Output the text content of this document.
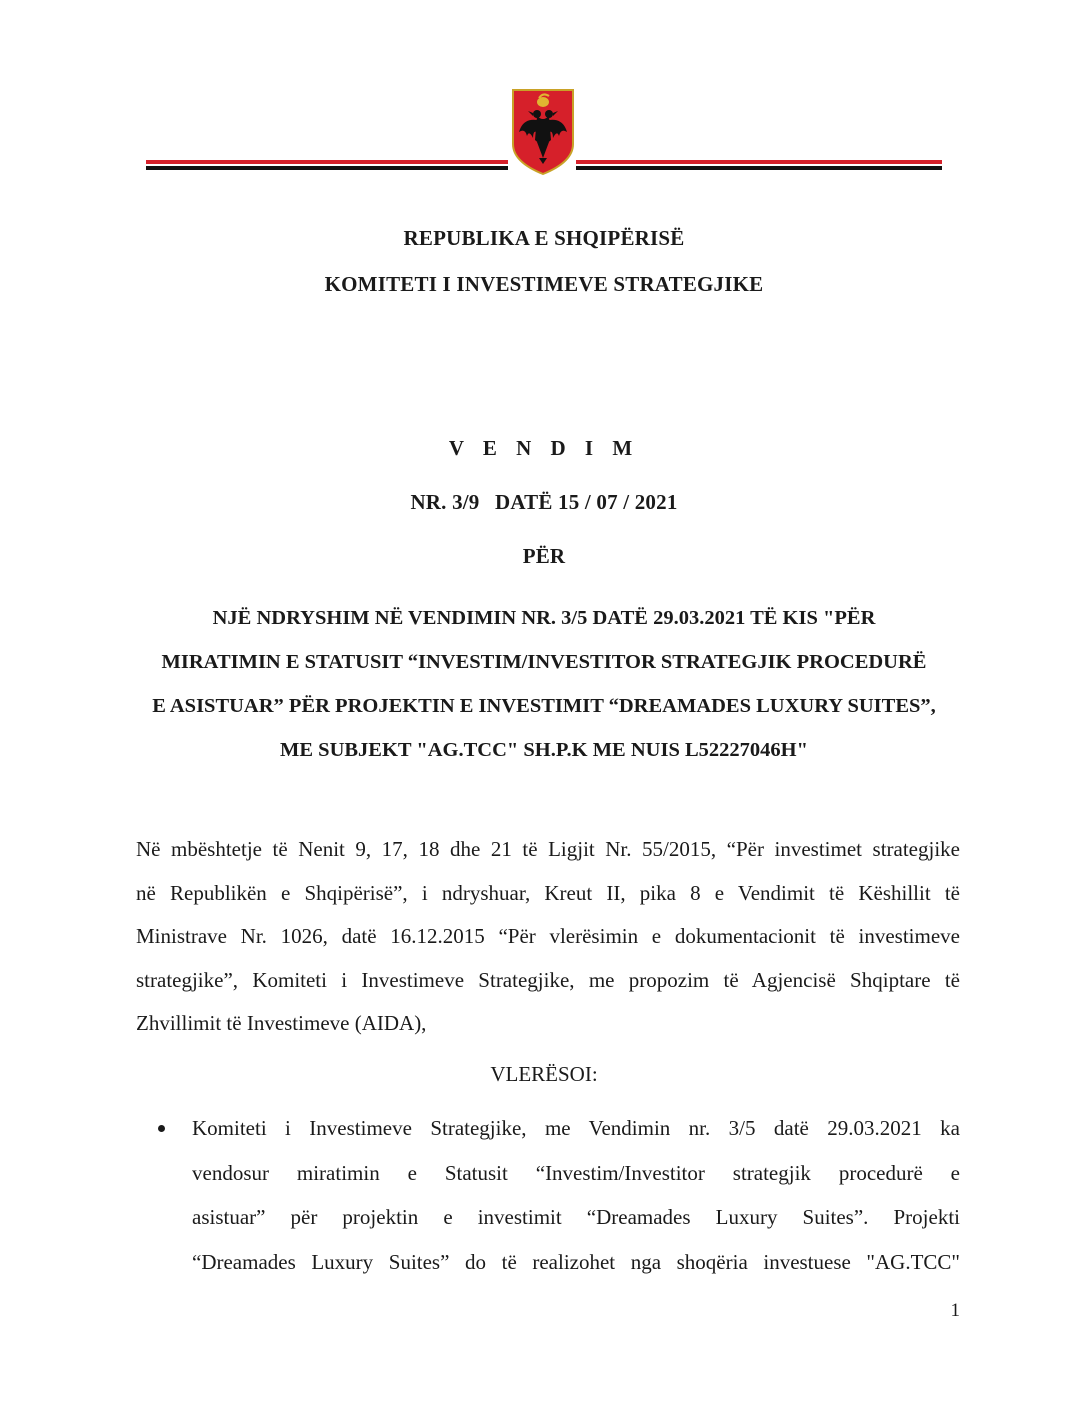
REPUBLIKA E SHQIPËRISË
KOMITETI I INVESTIMEVE STRATEGJIKE
V E N D I M
NR. 3/9 DATË 15 / 07 / 2021
PËR
NJË NDRYSHIM NË VENDIMIN NR. 3/5 DATË 29.03.2021 TË KIS "PËR
MIRATIMIN E STATUSIT “INVESTIM/INVESTITOR STRATEGJIK PROCEDURË
E ASISTUAR” PËR PROJEKTIN E INVESTIMIT “DREAMADES LUXURY SUITES”,
ME SUBJEKT "AG.TCC" SH.P.K ME NUIS L52227046H"
Në mbështetje të Nenit 9, 17, 18 dhe 21 të Ligjit Nr. 55/2015, “Për investimet strategjike
në Republikën e Shqipërisë”, i ndryshuar, Kreut II, pika 8 e Vendimit të Këshillit të
Ministrave Nr. 1026, datë 16.12.2015 “Për vlerësimin e dokumentacionit të investimeve
strategjike”, Komiteti i Investimeve Strategjike, me propozim të Agjencisë Shqiptare të
Zhvillimit të Investimeve (AIDA),
VLERËSOI:
Komiteti i Investimeve Strategjike, me Vendimin nr. 3/5 datë 29.03.2021 ka
vendosur miratimin e Statusit “Investim/Investitor strategjik procedurë e
asistuar” për projektin e investimit “Dreamades Luxury Suites”. Projekti
“Dreamades Luxury Suites” do të realizohet nga shoqëria investuese "AG.TCC"
1
